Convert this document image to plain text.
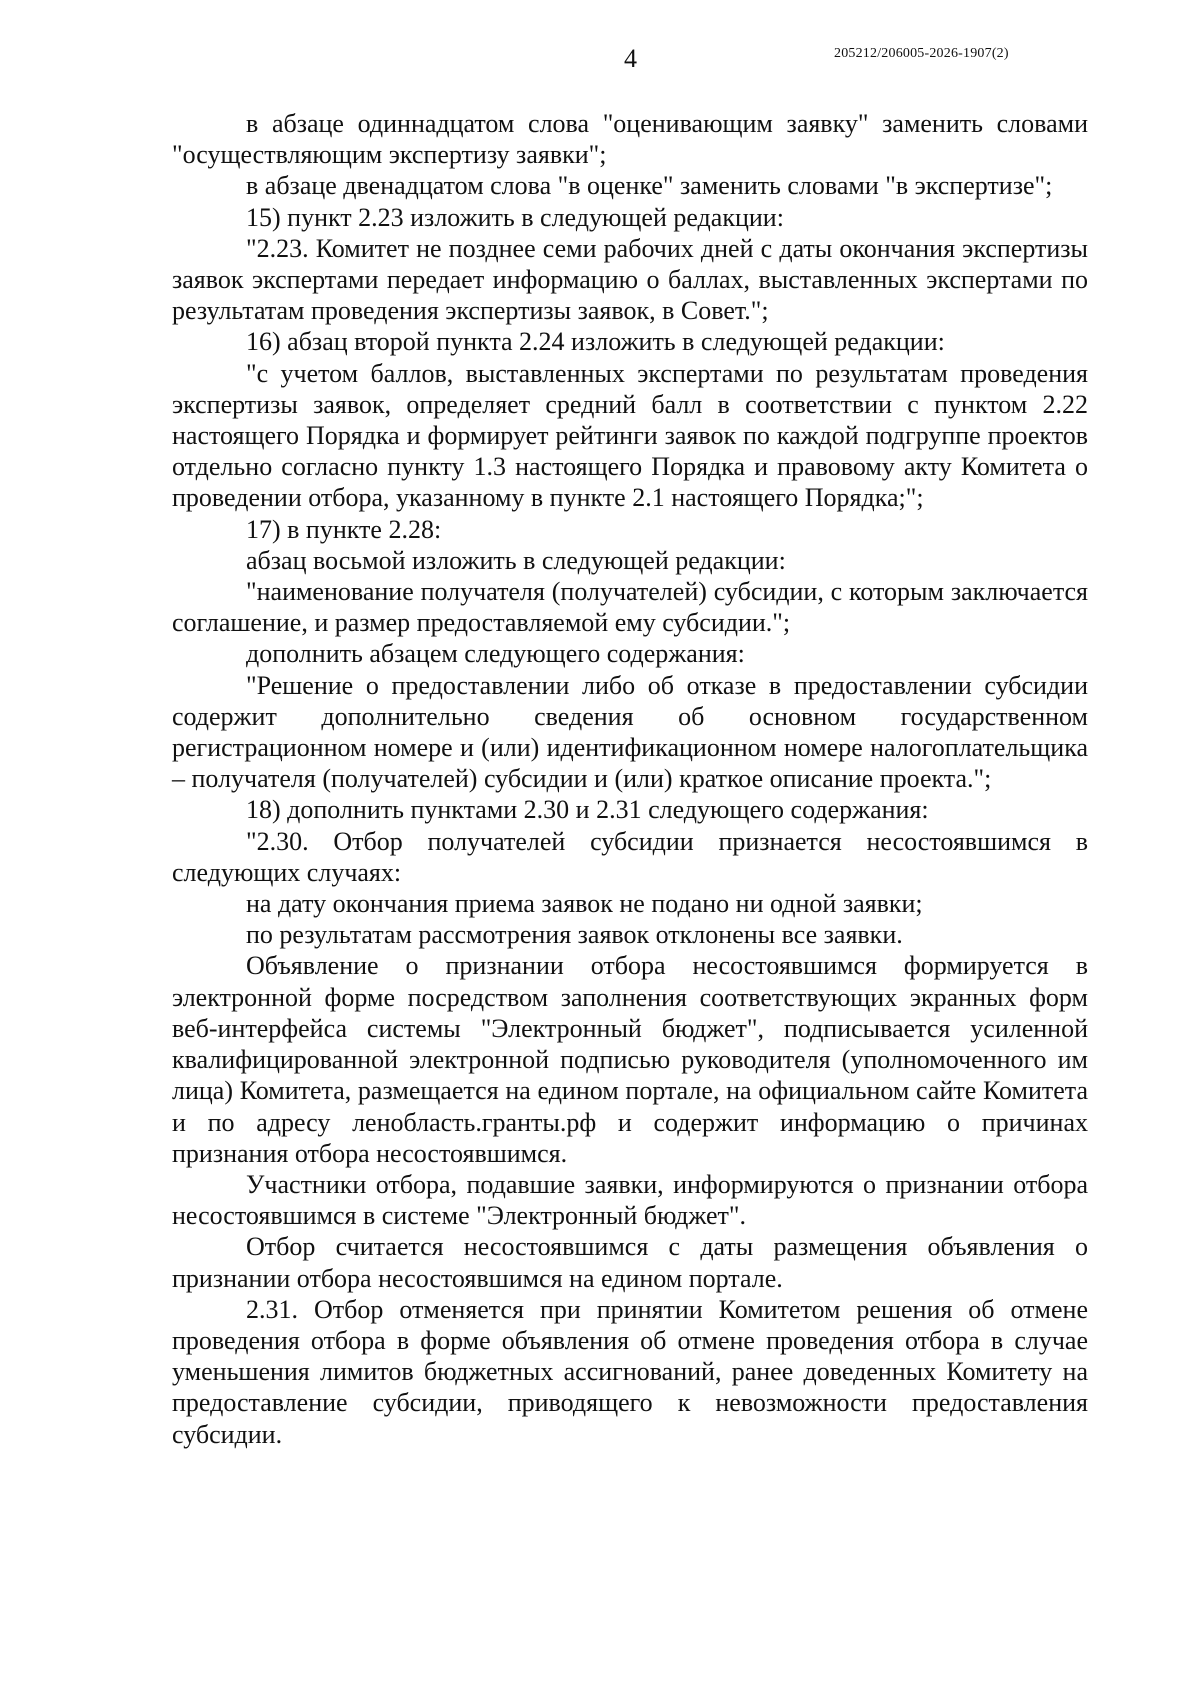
4	205212/206005-2026-1907(2)

в абзаце одиннадцатом слова "оценивающим заявку" заменить словами "осуществляющим экспертизу заявки";

в абзаце двенадцатом слова "в оценке" заменить словами "в экспертизе";

15) пункт 2.23 изложить в следующей редакции:

"2.23. Комитет не позднее семи рабочих дней с даты окончания экспертизы заявок экспертами передает информацию о баллах, выставленных экспертами по результатам проведения экспертизы заявок, в Совет.";

16) абзац второй пункта 2.24 изложить в следующей редакции:

"с учетом баллов, выставленных экспертами по результатам проведения экспертизы заявок, определяет средний балл в соответствии с пунктом 2.22 настоящего Порядка и формирует рейтинги заявок по каждой подгруппе проектов отдельно согласно пункту 1.3 настоящего Порядка и правовому акту Комитета о проведении отбора, указанному в пункте 2.1 настоящего Порядка;";

17) в пункте 2.28:

абзац восьмой изложить в следующей редакции:

"наименование получателя (получателей) субсидии, с которым заключается соглашение, и размер предоставляемой ему субсидии.";

дополнить абзацем следующего содержания:

"Решение о предоставлении либо об отказе в предоставлении субсидии содержит дополнительно сведения об основном государственном регистрационном номере и (или) идентификационном номере налогоплательщика – получателя (получателей) субсидии и (или) краткое описание проекта.";

18) дополнить пунктами 2.30 и 2.31 следующего содержания:

"2.30. Отбор получателей субсидии признается несостоявшимся в следующих случаях:

на дату окончания приема заявок не подано ни одной заявки;

по результатам рассмотрения заявок отклонены все заявки.

Объявление о признании отбора несостоявшимся формируется в электронной форме посредством заполнения соответствующих экранных форм веб-интерфейса системы "Электронный бюджет", подписывается усиленной квалифицированной электронной подписью руководителя (уполномоченного им лица) Комитета, размещается на едином портале, на официальном сайте Комитета и по адресу ленобласть.гранты.рф и содержит информацию о причинах признания отбора несостоявшимся.

Участники отбора, подавшие заявки, информируются о признании отбора несостоявшимся в системе "Электронный бюджет".

Отбор считается несостоявшимся с даты размещения объявления о признании отбора несостоявшимся на едином портале.

2.31. Отбор отменяется при принятии Комитетом решения об отмене проведения отбора в форме объявления об отмене проведения отбора в случае уменьшения лимитов бюджетных ассигнований, ранее доведенных Комитету на предоставление субсидии, приводящего к невозможности предоставления субсидии.
